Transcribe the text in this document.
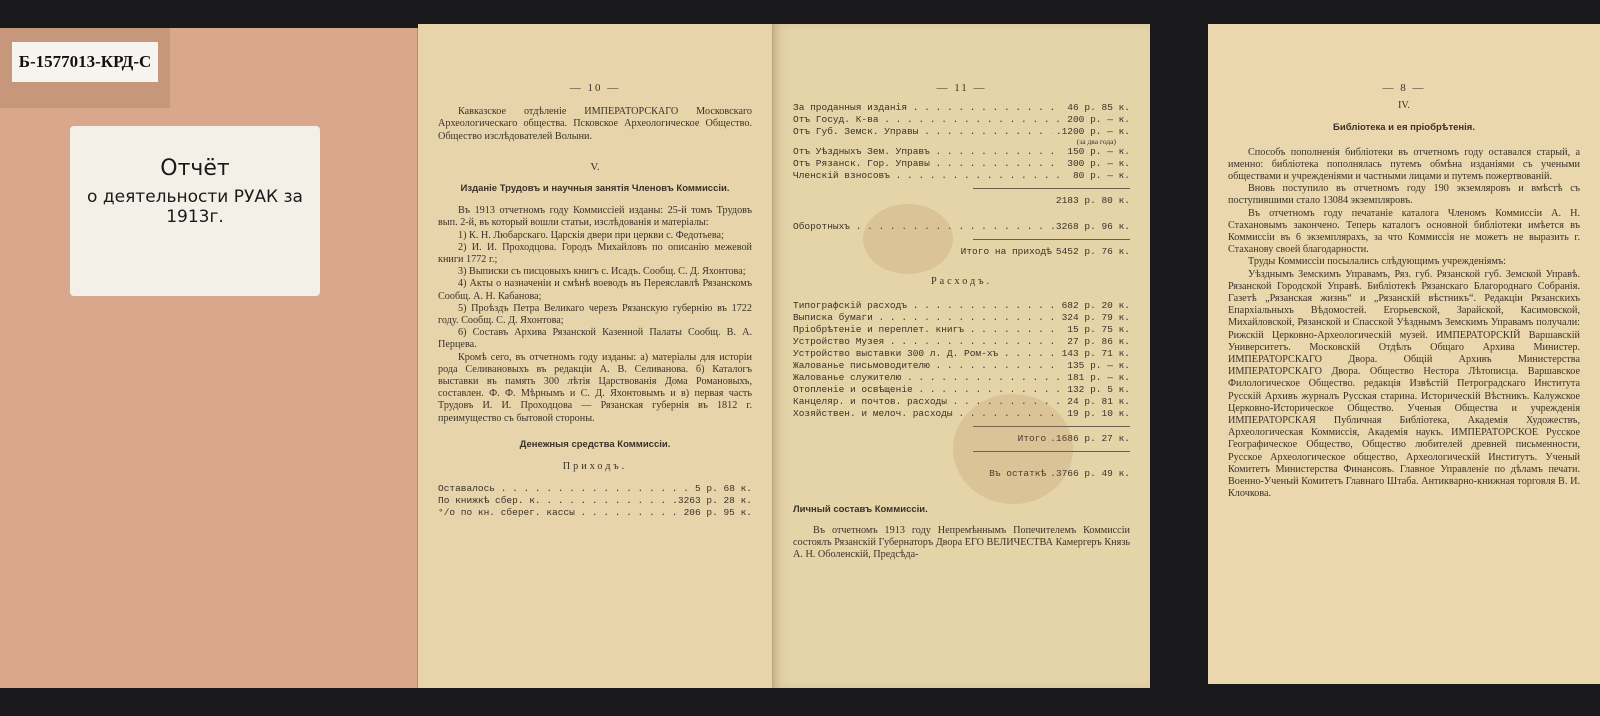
Б-1577013-КРД-С
Отчёт
о деятельности РУАК за 1913г.
— 10 —

Кавказское отдѣленіе ИМПЕРАТОРСКАГО Московскаго Археологическаго общества. Псковское Археологическое Общество. Общество изслѣдователей Волыни.

V.
Изданіе Трудовъ и научныя занятія Членовъ Коммиссіи.

Въ 1913 отчетномъ году Коммиссіей изданы: 25-й томъ Трудовъ вып. 2-й, въ который вошли статьи, изслѣдованія и матеріалы:

1) К. Н. Любарскаго. Царскія двери при церкви с. Федотьева;

2) И. И. Проходцова. Городъ Михайловъ по описанію межевой книги 1772 г.;

3) Выписки съ писцовыхъ книгъ с. Исадъ. Сообщ. С. Д. Яхонтова;

4) Акты о назначеніи и смѣнѣ воеводъ въ Переяславлѣ Рязанскомъ Сообщ. А. Н. Кабанова;

5) Проѣздъ Петра Великаго черезъ Рязанскую губернію въ 1722 году. Сообщ. С. Д. Яхонтова;

6) Составъ Архива Рязанской Казенной Палаты Сообщ. В. А. Перцева.

Кромѣ сего, въ отчетномъ году изданы: а) матеріалы для исторіи рода Селивановыхъ въ редакціи А. В. Селиванова. б) Каталогъ выставки въ память 300 лѣтія Царствованія Дома Романовыхъ, составлен. Ф. Ф. Мѣрнымъ и С. Д. Яхонтовымъ и в) первая часть Трудовъ И. И. Проходцова — Рязанская губернія въ 1812 г. преимущество съ бытовой стороны.

Денежныя средства Коммиссіи.
Приходъ.
Оставалось . . .	5 р. 68 к.
По книжкѣ сбер. к. . . .	.3263 р. 28 к.
°/о по кн. сберег. кассы . . .	206 р. 95 к.
— 11 —
За проданныя изданія . . .	46 р. 85 к.
Отъ Госуд. К-ва . . .	200 р. — к.
Отъ Губ. Земск. Управы . . .	.1200 р. — к.
(за два года)
Отъ Уѣздныхъ Зем. Управъ . . .	150 р. — к.
Отъ Рязанск. Гор. Управы . . .	300 р. — к.
Членскій взносовъ . . .	80 р. — к.
2183 р. 80 к.
Оборотныхъ . . .	.3268 р. 96 к.
Итого на приходѣ 5452 р. 76 к.
Расходъ.
Типографскій расходъ . . .	682 р. 20 к.
Выписка бумаги . . .	324 р. 79 к.
Пріобрѣтеніе и переплет. книгъ . . .	15 р. 75 к.
Устройство Музея . . .	27 р. 86 к.
Устройство выставки 300 л. Д. Ром-хъ . . .	143 р. 71 к.
Жалованье письмоводителю . . .	135 р. — к.
Жалованье служителю . . .	181 р. — к.
Отопленіе и освѣщеніе . . .	132 р. 5 к.
Канцеляр. и почтов. расходы . . .	24 р. 81 к.
Хозяйствен. и мелоч. расходы . . .	19 р. 10 к.
Итого .1686 р. 27 к.
Въ остаткѣ .3766 р. 49 к.
Личный составъ Коммиссіи.

Въ отчетномъ 1913 году Непремѣннымъ Попечителемъ Коммиссіи состоялъ Рязанскій Губернаторъ Двора ЕГО ВЕЛИЧЕСТВА Камергеръ Князь А. Н. Оболенскій, Предсѣда-

— 8 —
IV.
Библіотека и ея пріобрѣтенія.

Способъ пополненія библіотеки въ отчетномъ году оставался старый, а именно: библіотека пополнялась путемъ обмѣна изданіями съ учеными обществами и учрежденіями и частными лицами и путемъ пожертвованій.

Вновь поступило въ отчетномъ году 190 экземляровъ и вмѣстѣ съ поступившими стало 13084 экземпляровъ.

Въ отчетномъ году печатаніе каталога Членомъ Коммиссіи А. Н. Стахановымъ закончено. Теперь каталогъ основной библіотеки имѣется въ Коммиссіи въ 6 экземплярахъ, за что Коммиссія не можетъ не выразить г. Стаханову своей благодарности.

Труды Коммиссіи посылались слѣдующимъ учрежденіямъ:

Уѣзднымъ Земскимъ Управамъ, Ряз. губ. Рязанской губ. Земской Управѣ. Рязанской Городской Управѣ. Библіотекѣ Рязанскаго Благороднаго Собранія. Газетѣ „Рязанская жизнь“ и „Рязанскій вѣстникъ“. Редакціи Рязанскихъ Епархіальныхъ Вѣдомостей. Егорьевской, Зарайской, Касимовской, Михайловской, Рязанской и Спасской Уѣзднымъ Земскимъ Управамъ получали: Рижскій Церковно-Археологическій музей. ИМПЕРАТОРСКІЙ Варшавскій Университетъ. Московскій Отдѣлъ Общаго Архива Министер. ИМПЕРАТОРСКАГО Двора. Общій Архивъ Министерства ИМПЕРАТОРСКАГО Двора. Общество Нестора Лѣтописца. Варшавское Филологическое Общество. редакція Извѣстій Петроградскаго Института Русскій Архивъ журналъ Русская старина. Историческій Вѣстникъ. Калужское Церковно-Историческое Общество. Ученыя Общества и учрежденія ИМПЕРАТОРСКАЯ Публичная Библіотека, Академія Художествъ, Археологическая Коммиссія, Академія наукъ. ИМПЕРАТОРСКОЕ Русское Географическое Общество, Общество любителей древней письменности, Русское Археологическое общество, Археологическій Институтъ. Ученый Комитетъ Министерства Финансовъ. Главное Управленіе по дѣламъ печати. Военно-Ученый Комитетъ Главнаго Штаба. Антикварно-книжная торговля В. И. Клочкова.
